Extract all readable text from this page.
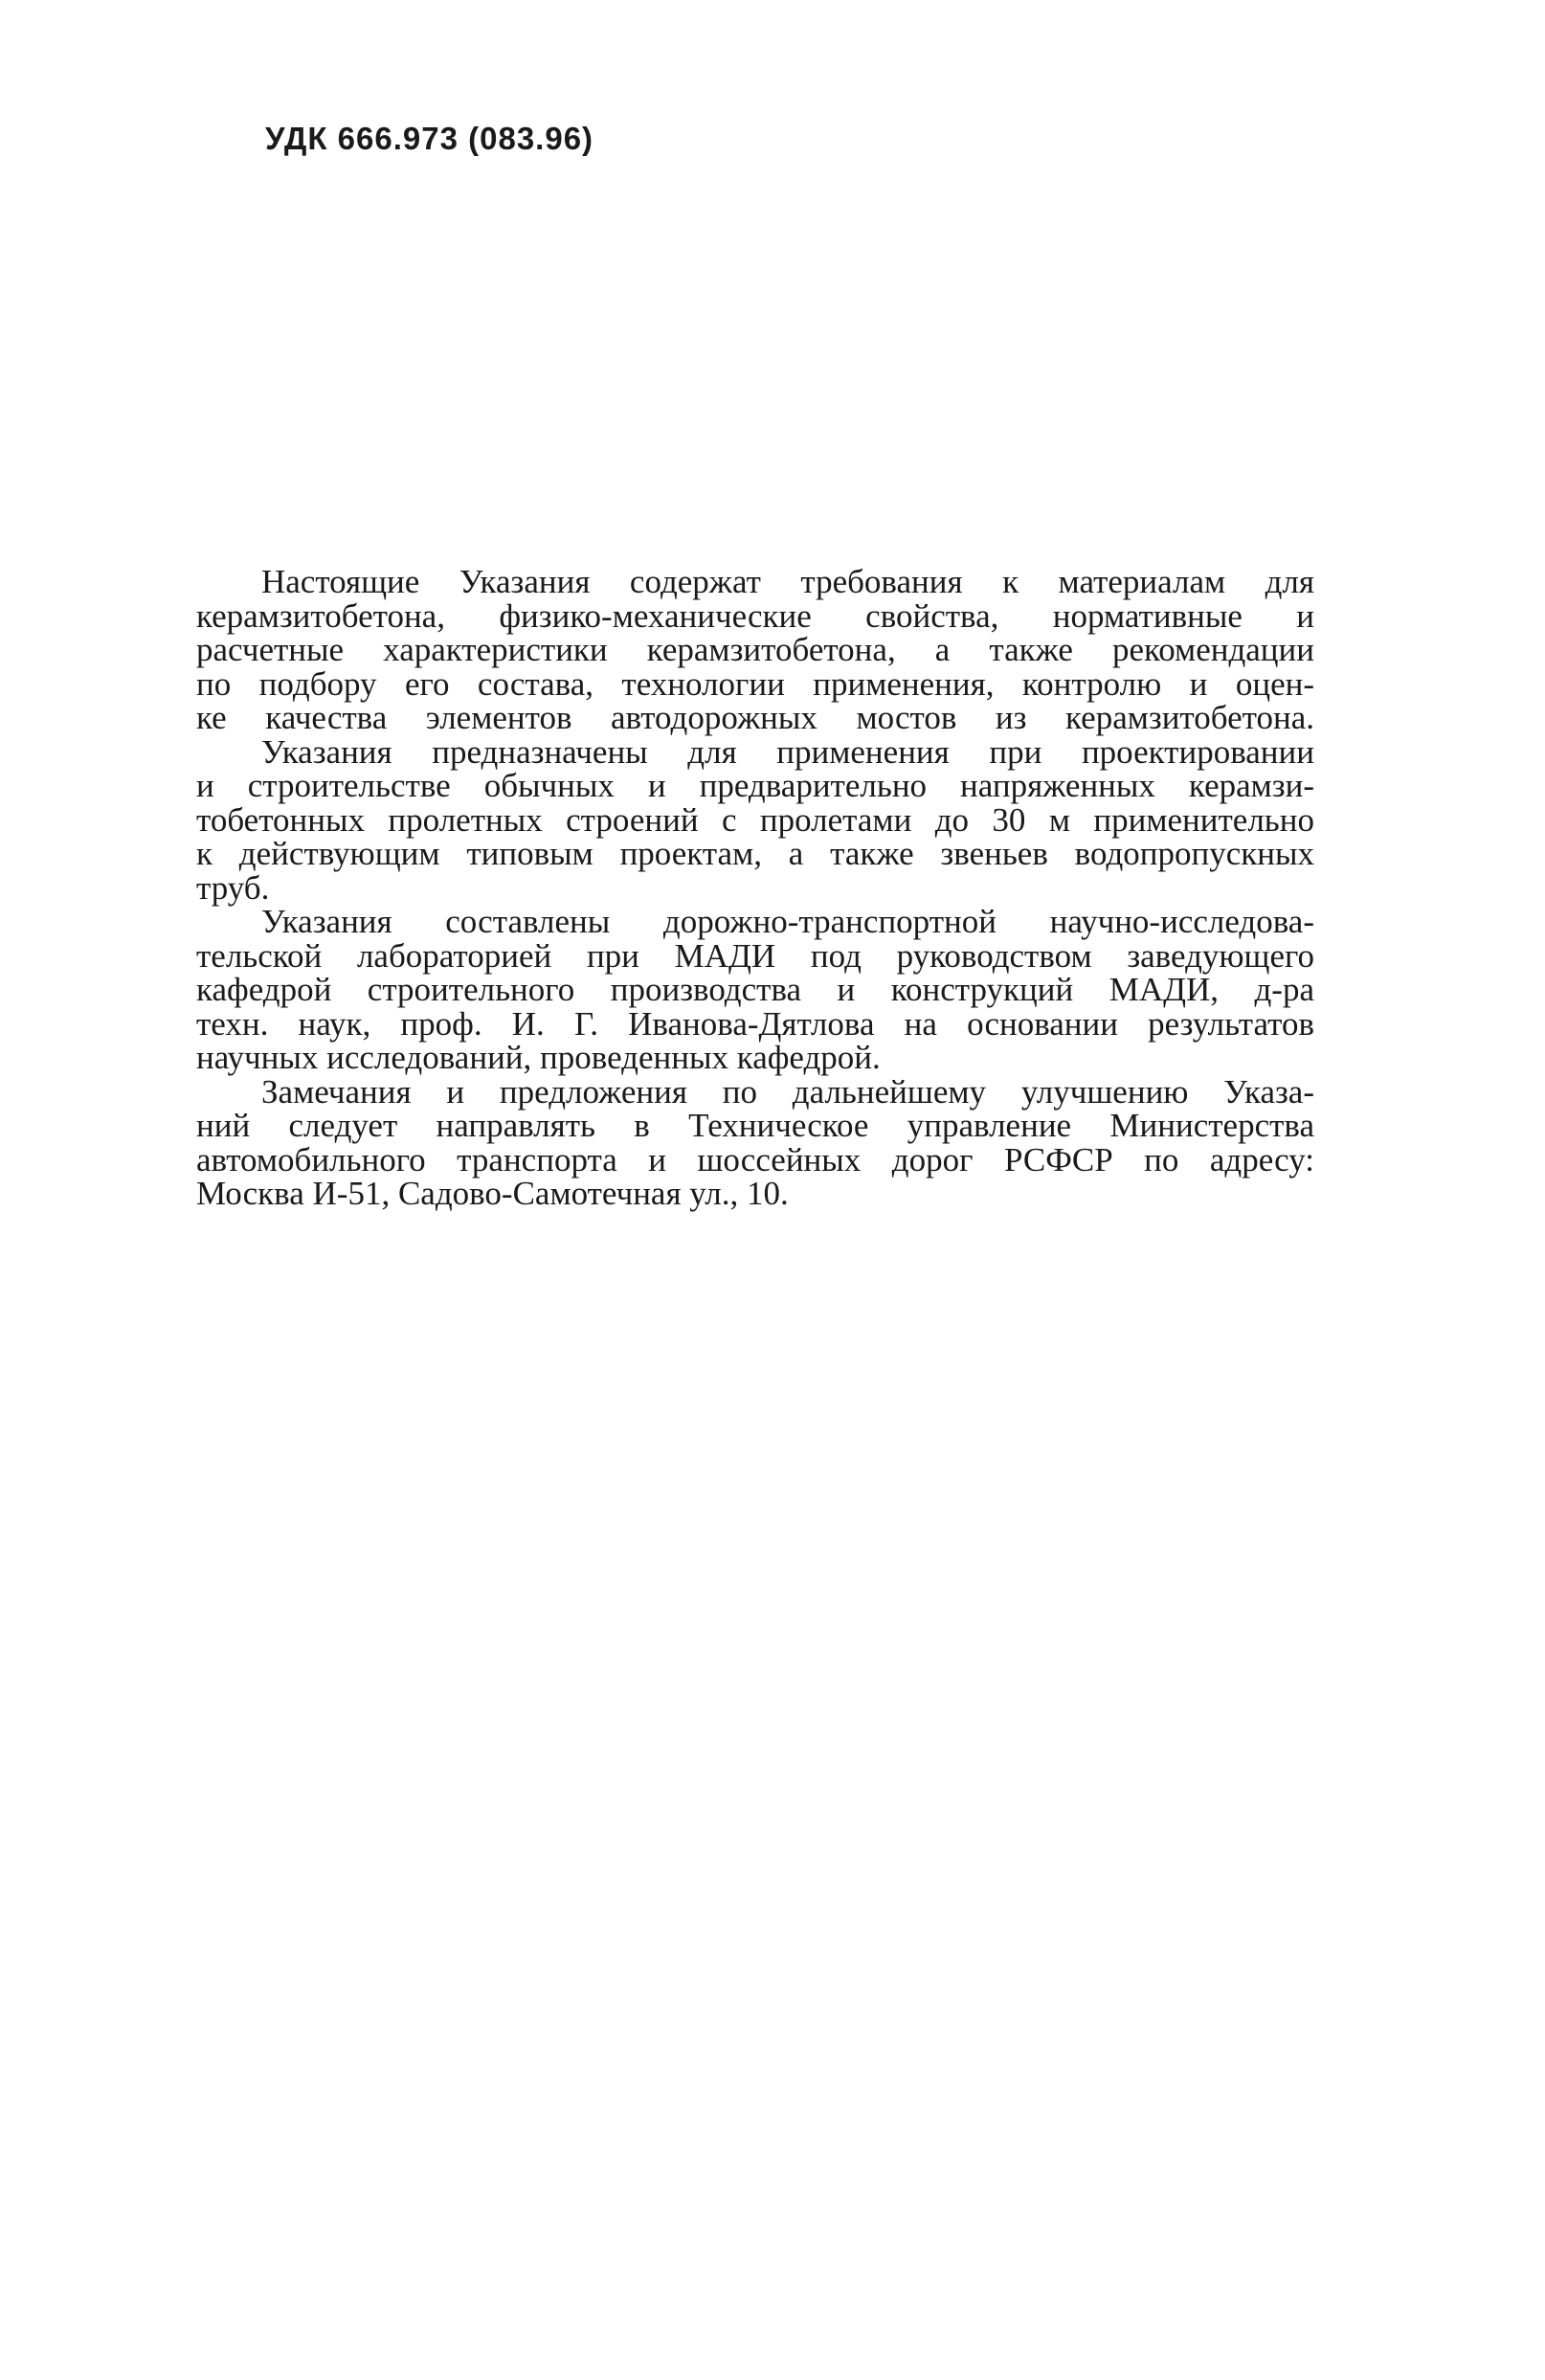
УДК 666.973 (083.96)

Настоящие Указания содержат требования к материалам для
керамзитобетона, физико-механические свойства, нормативные и
расчетные характеристики керамзитобетона, а также рекомендации
по подбору его состава, технологии применения, контролю и оцен-
ке качества элементов автодорожных мостов из керамзитобетона.

Указания предназначены для применения при проектировании
и строительстве обычных и предварительно напряженных керамзи-
тобетонных пролетных строений с пролетами до 30 м применительно
к действующим типовым проектам, а также звеньев водопропускных
труб.

Указания составлены дорожно-транспортной научно-исследова-
тельской лабораторией при МАДИ под руководством заведующего
кафедрой строительного производства и конструкций МАДИ, д-ра
техн. наук, проф. И. Г. Иванова-Дятлова на основании результатов
научных исследований, проведенных кафедрой.

Замечания и предложения по дальнейшему улучшению Указа-
ний следует направлять в Техническое управление Министерства
автомобильного транспорта и шоссейных дорог РСФСР по адресу:
Москва И-51, Садово-Самотечная ул., 10.
